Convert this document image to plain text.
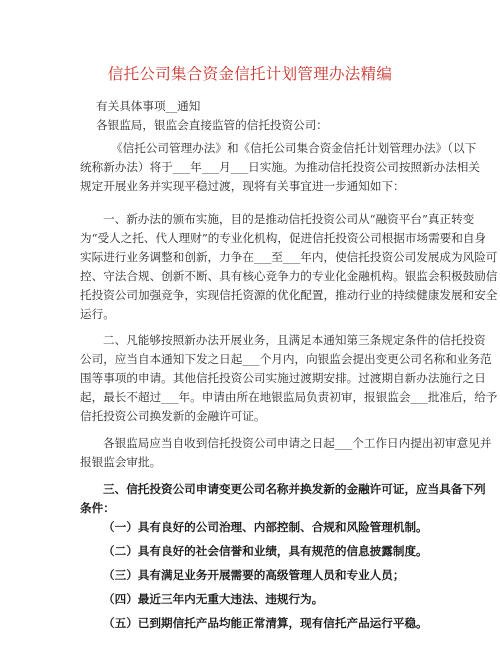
信托公司集合资金信托计划管理办法精编
有关具体事项__通知
各银监局，银监会直接监管的信托投资公司：
《信托公司管理办法》和《信托公司集合资金信托计划管理办法》（以下
统称新办法）将于___年___月___日实施。为推动信托投资公司按照新办法相关
规定开展业务并实现平稳过渡，现将有关事宜进一步通知如下：
一、新办法的颁布实施，目的是推动信托投资公司从“融资平台”真正转变
为“受人之托、代人理财”的专业化机构，促进信托投资公司根据市场需要和自身
实际进行业务调整和创新，力争在___至___年内，使信托投资公司发展成为风险可
控、守法合规、创新不断、具有核心竞争力的专业化金融机构。银监会积极鼓励信
托投资公司加强竞争，实现信托资源的优化配置，推动行业的持续健康发展和安全
运行。
二、凡能够按照新办法开展业务，且满足本通知第三条规定条件的信托投资
公司，应当自本通知下发之日起___个月内，向银监会提出变更公司名称和业务范
围等事项的申请。其他信托投资公司实施过渡期安排。过渡期自新办法施行之日
起，最长不超过___年。申请由所在地银监局负责初审，报银监会___批准后，给予
信托投资公司换发新的金融许可证。
各银监局应当自收到信托投资公司申请之日起___个工作日内提出初审意见并
报银监会审批。
三、信托投资公司申请变更公司名称并换发新的金融许可证，应当具备下列
条件：
（一）具有良好的公司治理、内部控制、合规和风险管理机制。
（二）具有良好的社会信誉和业绩，具有规范的信息披露制度。
（三）具有满足业务开展需要的高级管理人员和专业人员；
（四）最近三年内无重大违法、违规行为。
（五）已到期信托产品均能正常清算，现有信托产品运行平稳。
